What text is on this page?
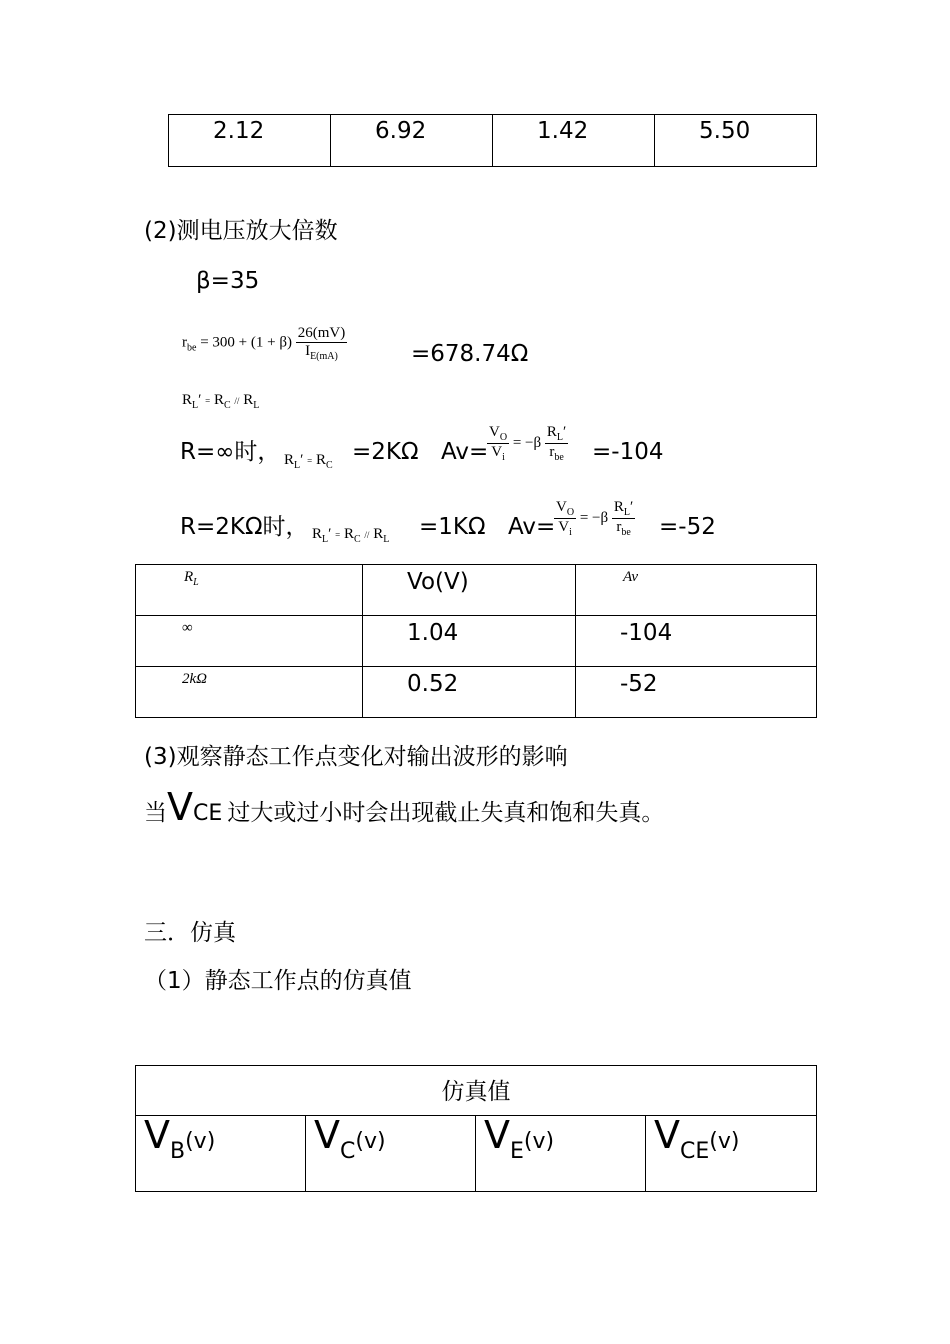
2.12	6.92	1.42	5.50
(2)测电压放大倍数
β=35
$r_{be} = 300 + (1 + \beta) \frac{26(mV)}{I_{E(mA)}}$	=678.74Ω
$R_L' = R_C // R_L$
R=∞时， $R_L' = R_C$
=2KΩ Av=
$\frac{V_O}{V_i} = -\beta \frac{R_L'}{r_{be}} =-104$
R=2KΩ时， $R_L' = R_C // R_L =1K\Omega$ Av=
$\frac{V_O}{V_i} = -\beta \frac{R_L'}{r_{be}} =-52$
$R_L$	Vo(V)	Av

∞	1.04	-104

2kΩ	0.52	-52
(3)观察静态工作点变化对输出波形的影响
当VCE 过大或过小时会出现截止失真和饱和失真。
三．仿真
（1）静态工作点的仿真值
仿真值

VB(v)	VC(v)	VE(v)	VCE(v)
